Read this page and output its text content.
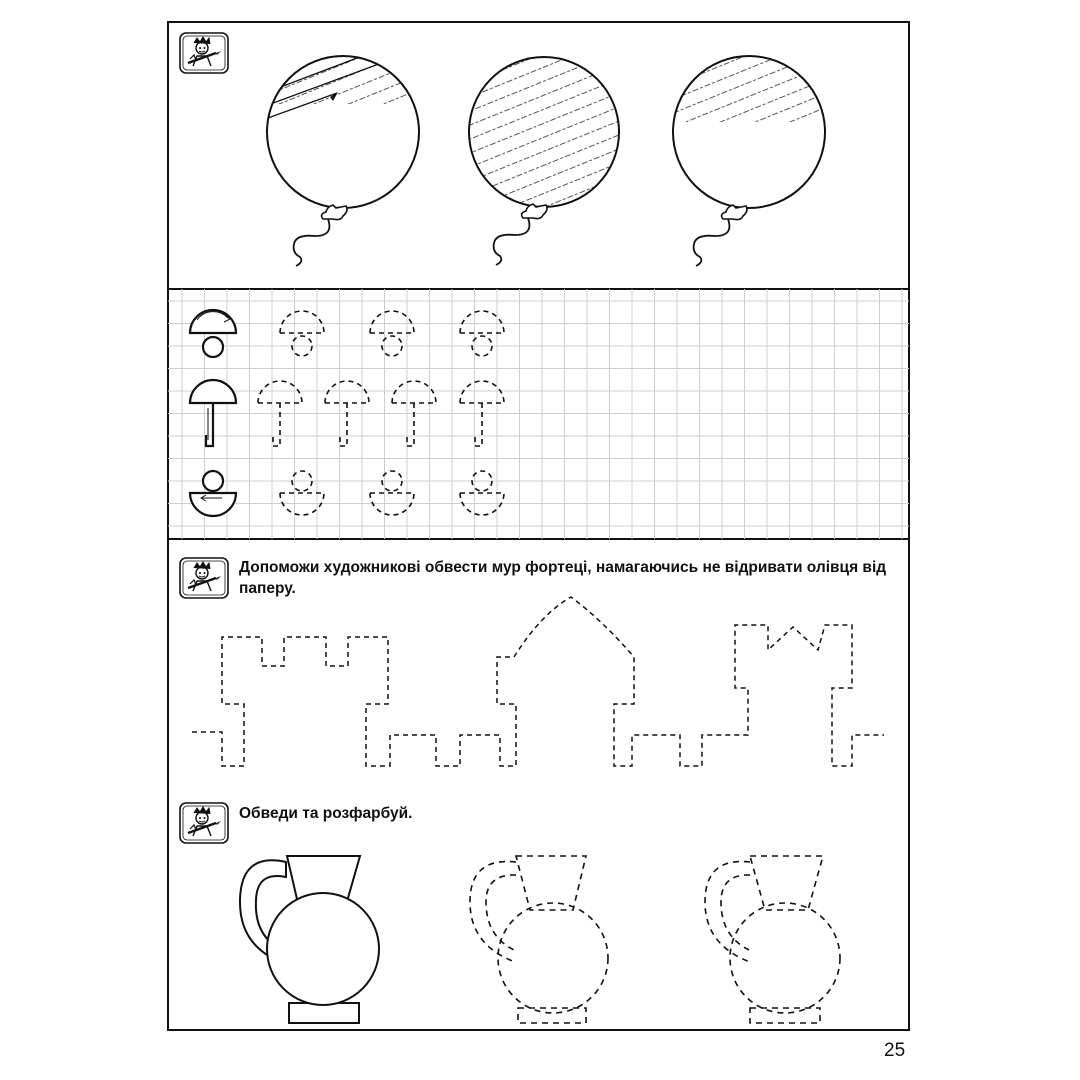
Допоможи художникові обвести мур фортеці, намагаючись не відривати олівця від паперу.
Обведи та розфарбуй.
25
